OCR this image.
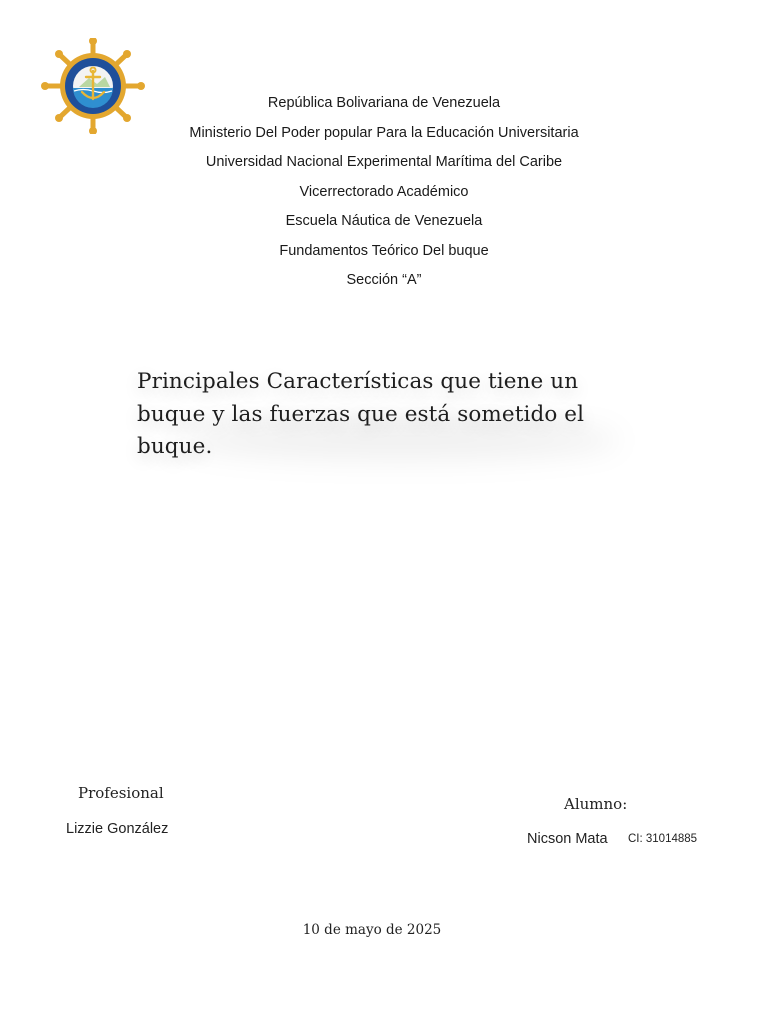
República Bolivariana de Venezuela
Ministerio Del Poder popular Para la Educación Universitaria
Universidad Nacional Experimental Marítima del Caribe
Vicerrectorado Académico
Escuela Náutica de Venezuela
Fundamentos Teórico Del buque
Sección “A”
Principales Características que tiene un
buque y las fuerzas que está sometido el
buque.
Profesional
Lizzie González
Alumno:
Nicson Mata CI: 31014885
10 de mayo de 2025
